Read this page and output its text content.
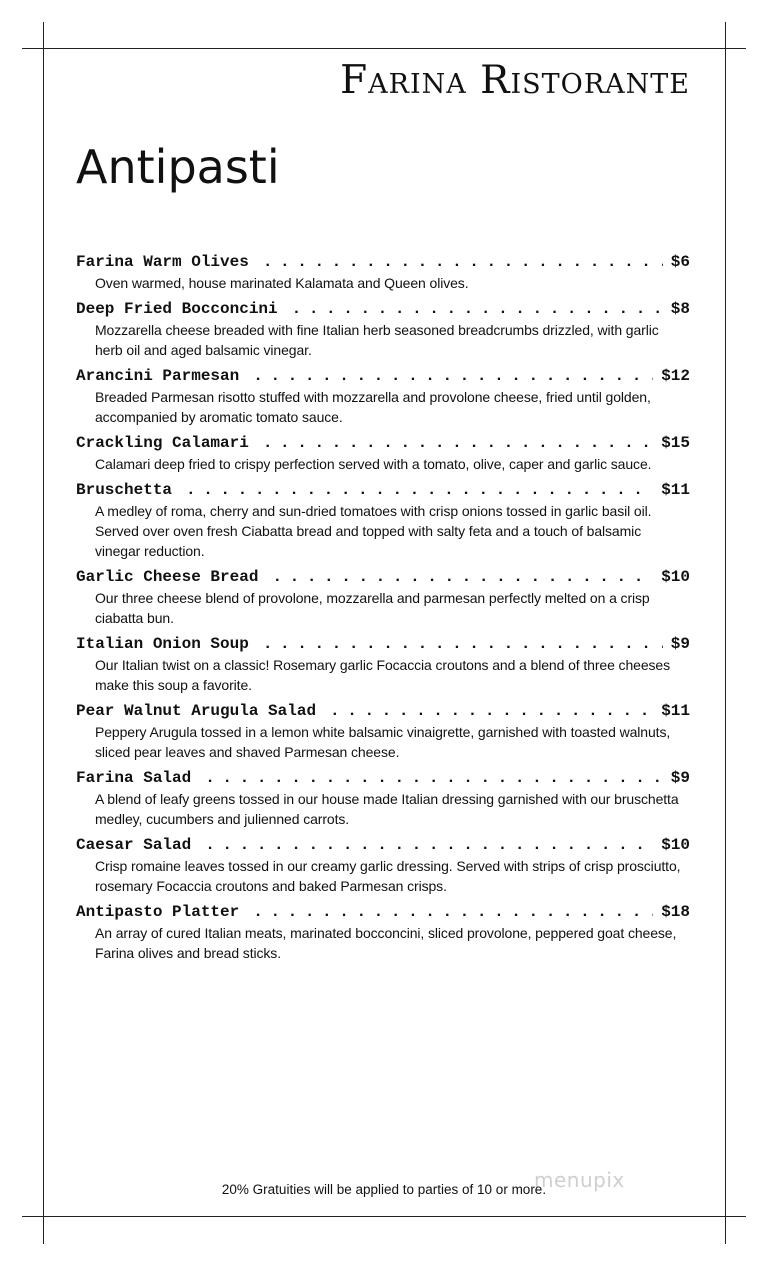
Farina Ristorante
Antipasti
Farina Warm Olives . . .	$6

Oven warmed, house marinated Kalamata and Queen olives.

Deep Fried Bocconcini . . .	$8

Mozzarella cheese breaded with fine Italian herb seasoned breadcrumbs drizzled, with garlic herb oil and aged balsamic vinegar.

Arancini Parmesan . . .	$12

Breaded Parmesan risotto stuffed with mozzarella and provolone cheese, fried until golden, accompanied by aromatic tomato sauce.

Crackling Calamari . . .	$15

Calamari deep fried to crispy perfection served with a tomato, olive, caper and garlic sauce.

Bruschetta . . .	$11

A medley of roma, cherry and sun-dried tomatoes with crisp onions tossed in garlic basil oil. Served over oven fresh Ciabatta bread and topped with salty feta and a touch of balsamic vinegar reduction.

Garlic Cheese Bread . . .	$10

Our three cheese blend of provolone, mozzarella and parmesan perfectly melted on a crisp ciabatta bun.

Italian Onion Soup . . .	$9

Our Italian twist on a classic! Rosemary garlic Focaccia croutons and a blend of three cheeses make this soup a favorite.

Pear Walnut Arugula Salad . . .	$11

Peppery Arugula tossed in a lemon white balsamic vinaigrette, garnished with toasted walnuts, sliced pear leaves and shaved Parmesan cheese.

Farina Salad . . .	$9

A blend of leafy greens tossed in our house made Italian dressing garnished with our bruschetta medley, cucumbers and julienned carrots.

Caesar Salad . . .	$10

Crisp romaine leaves tossed in our creamy garlic dressing. Served with strips of crisp prosciutto, rosemary Focaccia croutons and baked Parmesan crisps.

Antipasto Platter . . .	$18

An array of cured Italian meats, marinated bocconcini, sliced provolone, peppered goat cheese, Farina olives and bread sticks.

menupix

20% Gratuities will be applied to parties of 10 or more.
